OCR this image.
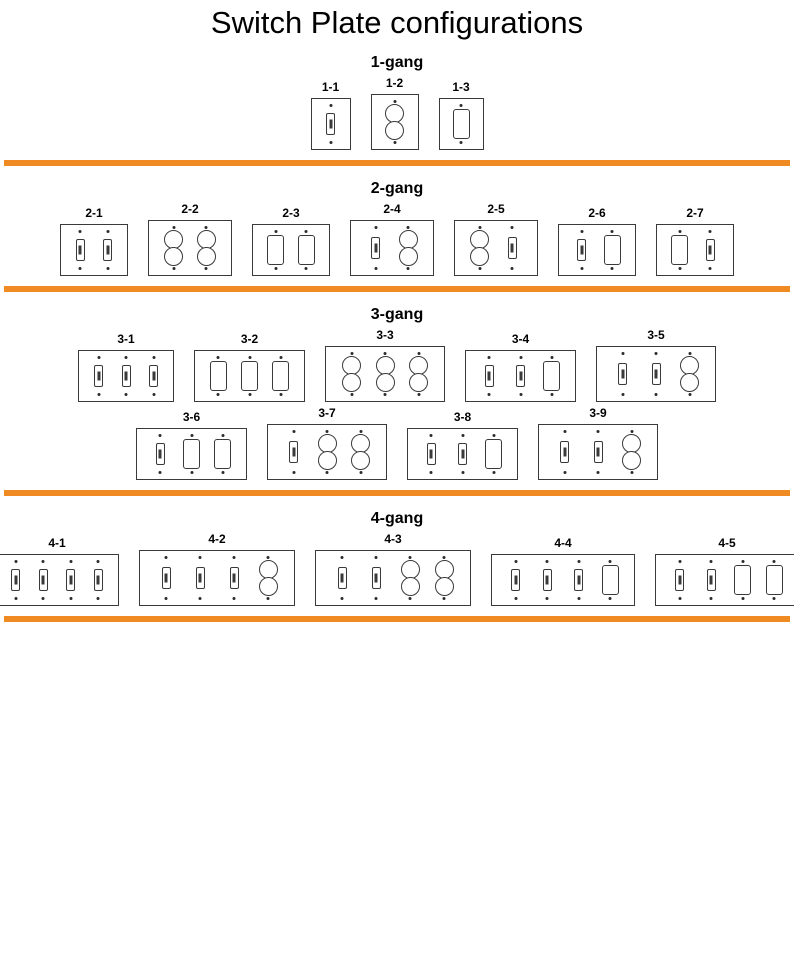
Switch Plate configurations
1-gang
1-1	1-2	1-3
2-gang
2-1	2-2	2-3	2-4	2-5	2-6	2-7
3-gang
3-1	3-2	3-3	3-4	3-5
3-6	3-7	3-8	3-9
4-gang
4-1	4-2	4-3	4-4	4-5
